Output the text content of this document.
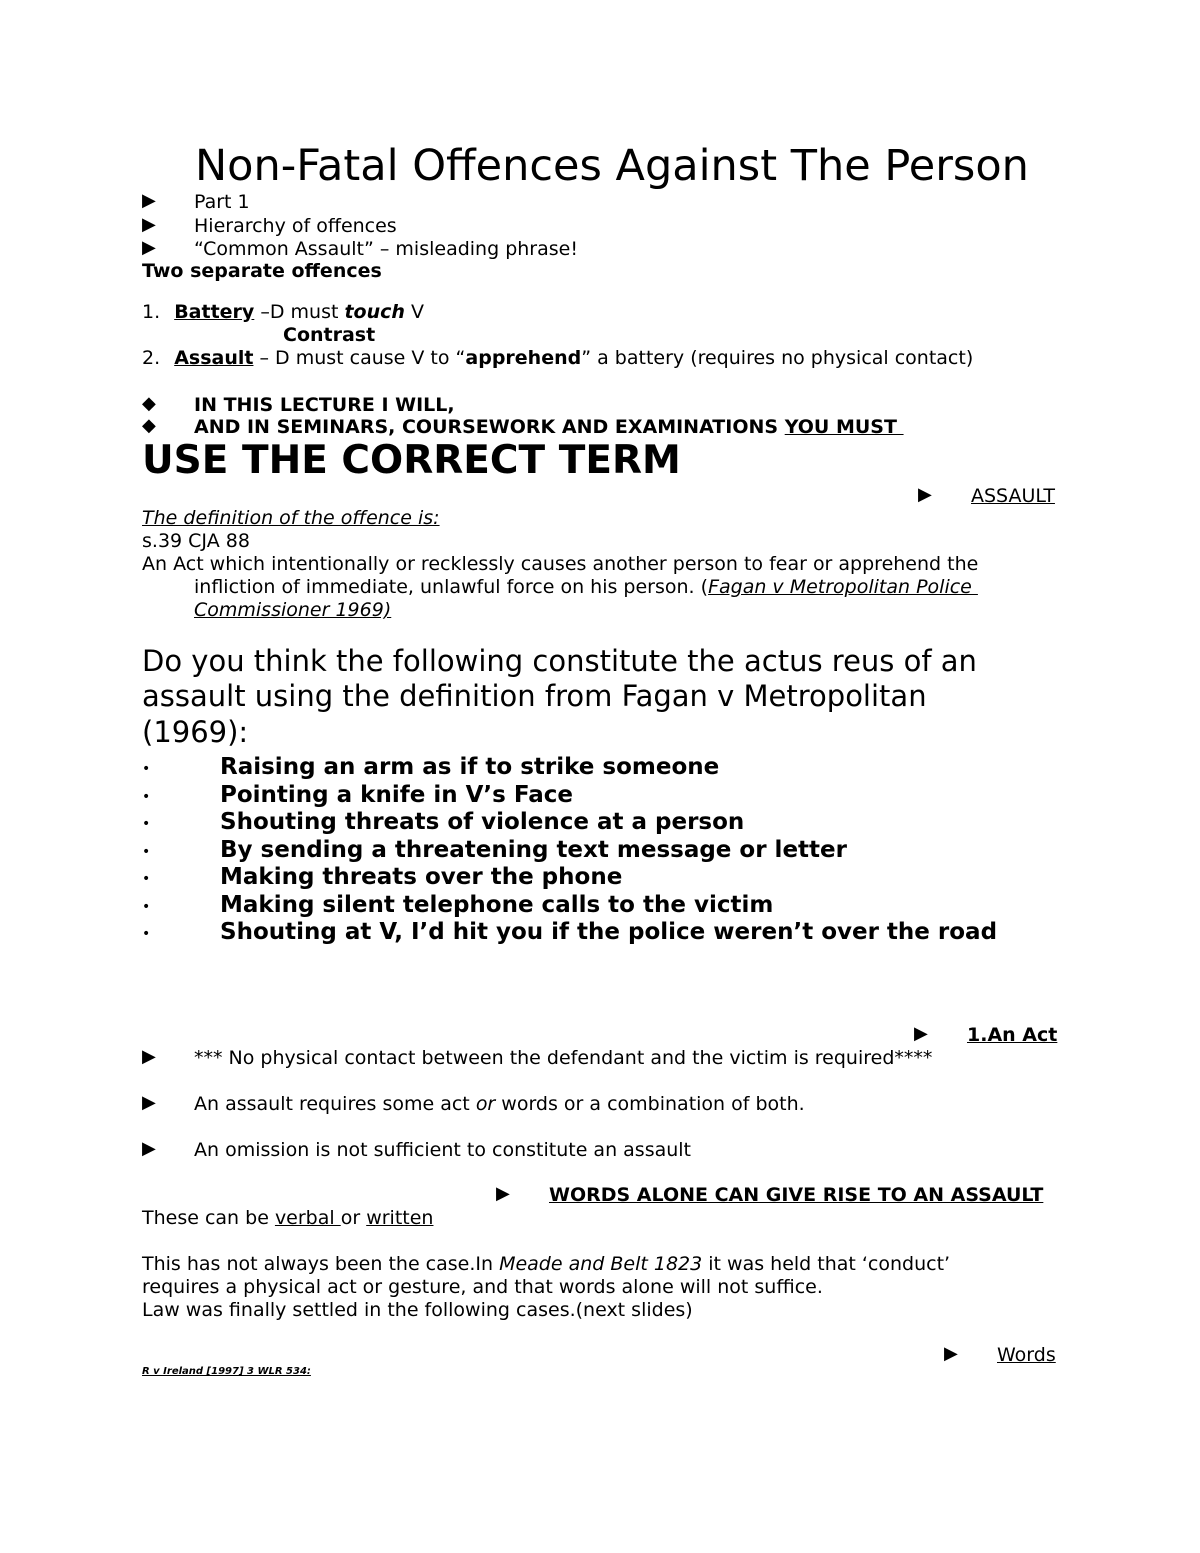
Non-Fatal Offences Against The Person
▶ Part 1
▶ Hierarchy of offences
▶ “Common Assault” – misleading phrase!
Two separate offences
1. Battery –D must touch V
Contrast
2. Assault – D must cause V to “apprehend” a battery (requires no physical contact)
◆ IN THIS LECTURE I WILL,
◆ AND IN SEMINARS, COURSEWORK AND EXAMINATIONS YOU MUST
USE THE CORRECT TERM
▶ ASSAULT
The definition of the offence is:
s.39 CJA 88
An Act which intentionally or recklessly causes another person to fear or apprehend the
infliction of immediate, unlawful force on his person. (Fagan v Metropolitan Police
Commissioner 1969)
Do you think the following constitute the actus reus of an
assault using the definition from Fagan v Metropolitan
(1969):
•	Raising an arm as if to strike someone
•	Pointing a knife in V’s Face
•	Shouting threats of violence at a person
•	By sending a threatening text message or letter
•	Making threats over the phone
•	Making silent telephone calls to the victim
•	Shouting at V, I’d hit you if the police weren’t over the road
▶ 1.An Act
▶ *** No physical contact between the defendant and the victim is required****
▶ An assault requires some act or words or a combination of both.
▶ An omission is not sufficient to constitute an assault
▶ WORDS ALONE CAN GIVE RISE TO AN ASSAULT
These can be verbal or written
This has not always been the case.In Meade and Belt 1823 it was held that ‘conduct’
requires a physical act or gesture, and that words alone will not suffice.
Law was finally settled in the following cases.(next slides)
▶ Words
R v Ireland [1997] 3 WLR 534:
